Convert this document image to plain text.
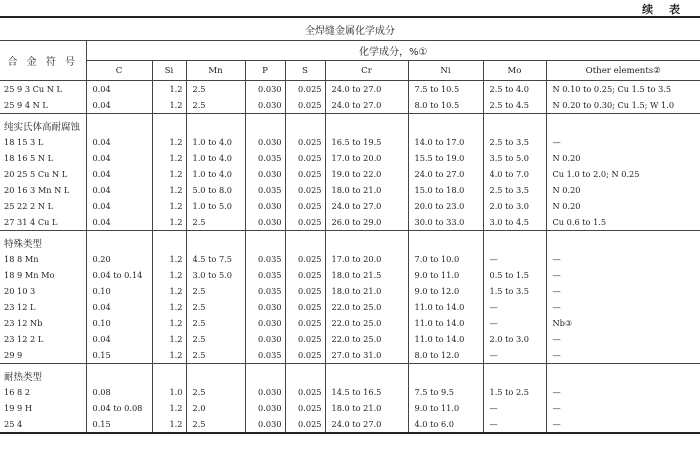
续 表
全焊缝金属化学成分									
合 金 符 号	化学成分，%①								
	C	Si	Mn	P	S	Cr	Ni	Mo	Other elements②
25 9 3 Cu N L	0.04	1.2	2.5	0.030	0.025	24.0 to 27.0	7.5 to 10.5	2.5 to 4.0	N 0.10 to 0.25; Cu 1.5 to 3.5
25 9 4 N L	0.04	1.2	2.5	0.030	0.025	24.0 to 27.0	8.0 to 10.5	2.5 to 4.5	N 0.20 to 0.30; Cu 1.5; W 1.0
纯实氏体高耐腐蚀									
18 15 3 L	0.04	1.2	1.0 to 4.0	0.030	0.025	16.5 to 19.5	14.0 to 17.0	2.5 to 3.5	—
18 16 5 N L	0.04	1.2	1.0 to 4.0	0.035	0.025	17.0 to 20.0	15.5 to 19.0	3.5 to 5.0	N 0.20
20 25 5 Cu N L	0.04	1.2	1.0 to 4.0	0.030	0.025	19.0 to 22.0	24.0 to 27.0	4.0 to 7.0	Cu 1.0 to 2.0; N 0.25
20 16 3 Mn N L	0.04	1.2	5.0 to 8.0	0.035	0.025	18.0 to 21.0	15.0 to 18.0	2.5 to 3.5	N 0.20
25 22 2 N L	0.04	1.2	1.0 to 5.0	0.030	0.025	24.0 to 27.0	20.0 to 23.0	2.0 to 3.0	N 0.20
27 31 4 Cu L	0.04	1.2	2.5	0.030	0.025	26.0 to 29.0	30.0 to 33.0	3.0 to 4.5	Cu 0.6 to 1.5
特殊类型									
18 8 Mn	0.20	1.2	4.5 to 7.5	0.035	0.025	17.0 to 20.0	7.0 to 10.0	—	—
18 9 Mn Mo	0.04 to 0.14	1.2	3.0 to 5.0	0.035	0.025	18.0 to 21.5	9.0 to 11.0	0.5 to 1.5	—
20 10 3	0.10	1.2	2.5	0.035	0.025	18.0 to 21.0	9.0 to 12.0	1.5 to 3.5	—
23 12 L	0.04	1.2	2.5	0.030	0.025	22.0 to 25.0	11.0 to 14.0	—	—
23 12 Nb	0.10	1.2	2.5	0.030	0.025	22.0 to 25.0	11.0 to 14.0	—	Nb③
23 12 2 L	0.04	1.2	2.5	0.030	0.025	22.0 to 25.0	11.0 to 14.0	2.0 to 3.0	—
29 9	0.15	1.2	2.5	0.035	0.025	27.0 to 31.0	8.0 to 12.0	—	—
耐热类型									
16 8 2	0.08	1.0	2.5	0.030	0.025	14.5 to 16.5	7.5 to 9.5	1.5 to 2.5	—
19 9 H	0.04 to 0.08	1.2	2.0	0.030	0.025	18.0 to 21.0	9.0 to 11.0	—	—
25 4	0.15	1.2	2.5	0.030	0.025	24.0 to 27.0	4.0 to 6.0	—	—
